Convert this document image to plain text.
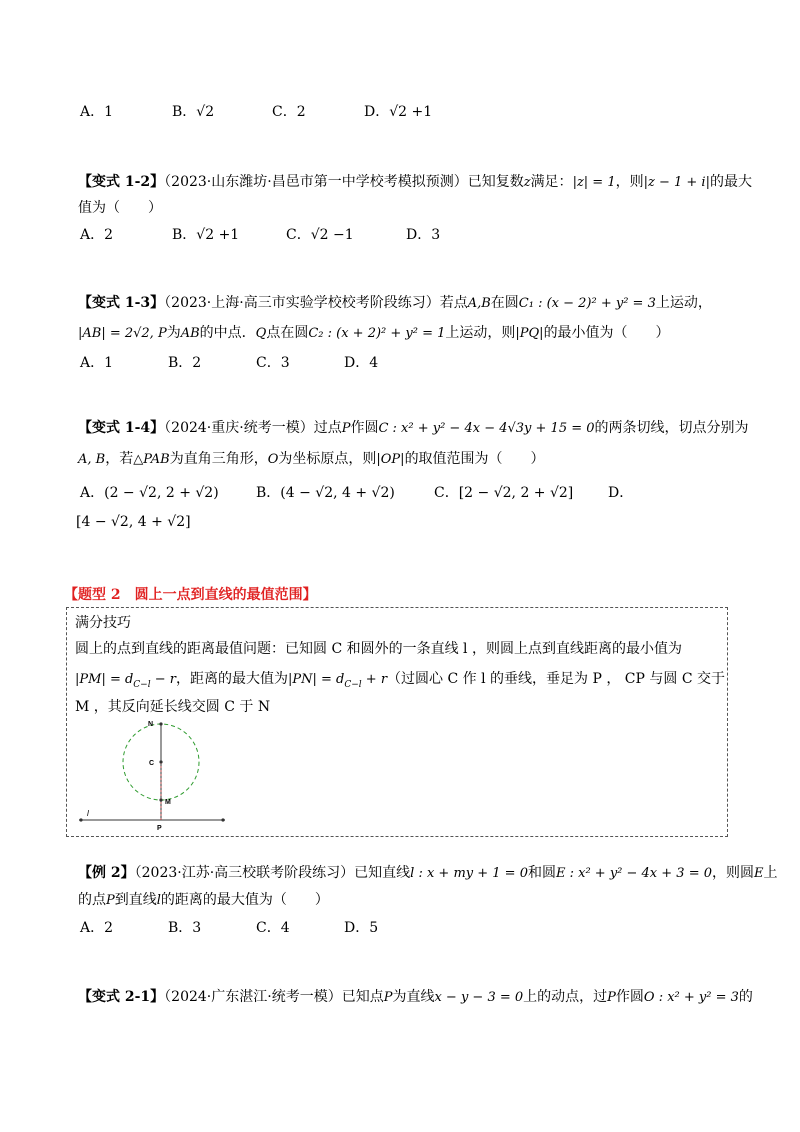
A．1	B．√2	C．2	D．√2 +1
【变式 1-2】（2023·山东潍坊·昌邑市第一中学校考模拟预测）已知复数z满足：|z| = 1，则|z − 1 + i|的最大
值为（　　）
A．2	B．√2 +1	C．√2 −1	D．3
【变式 1-3】（2023·上海·高三市实验学校校考阶段练习）若点A,B在圆C₁ : (x − 2)² + y² = 3上运动，
|AB| = 2√2, P为AB的中点．Q点在圆C₂ : (x + 2)² + y² = 1上运动，则|PQ|的最小值为（　　）
A．1	B．2	C．3	D．4
【变式 1-4】（2024·重庆·统考一模）过点P作圆C : x² + y² − 4x − 4√3y + 15 = 0的两条切线，切点分别为
A, B，若△PAB为直角三角形，O为坐标原点，则|OP|的取值范围为（　　）
A．(2 − √2, 2 + √2)	B．(4 − √2, 4 + √2)	C．[2 − √2, 2 + √2] D．
[4 − √2, 4 + √2]
【题型 2　圆上一点到直线的最值范围】
满分技巧
圆上的点到直线的距离最值问题：已知圆 C 和圆外的一条直线 l ，则圆上点到直线距离的最小值为
$|PM| = d_{C-l} - r$，距离的最大值为$|PN| = d_{C-l} + r$（过圆心 C 作 l 的垂线，垂足为 P ， CP 与圆 C 交于
M ，其反向延长线交圆 C 于 N
N
C
M
P
l
【例 2】（2023·江苏·高三校联考阶段练习）已知直线l : x + my + 1 = 0和圆E : x² + y² − 4x + 3 = 0，则圆E上
的点P到直线l的距离的最大值为（　　）
A．2	B．3	C．4	D．5
【变式 2-1】（2024·广东湛江·统考一模）已知点P为直线x − y − 3 = 0上的动点，过P作圆O : x² + y² = 3的
